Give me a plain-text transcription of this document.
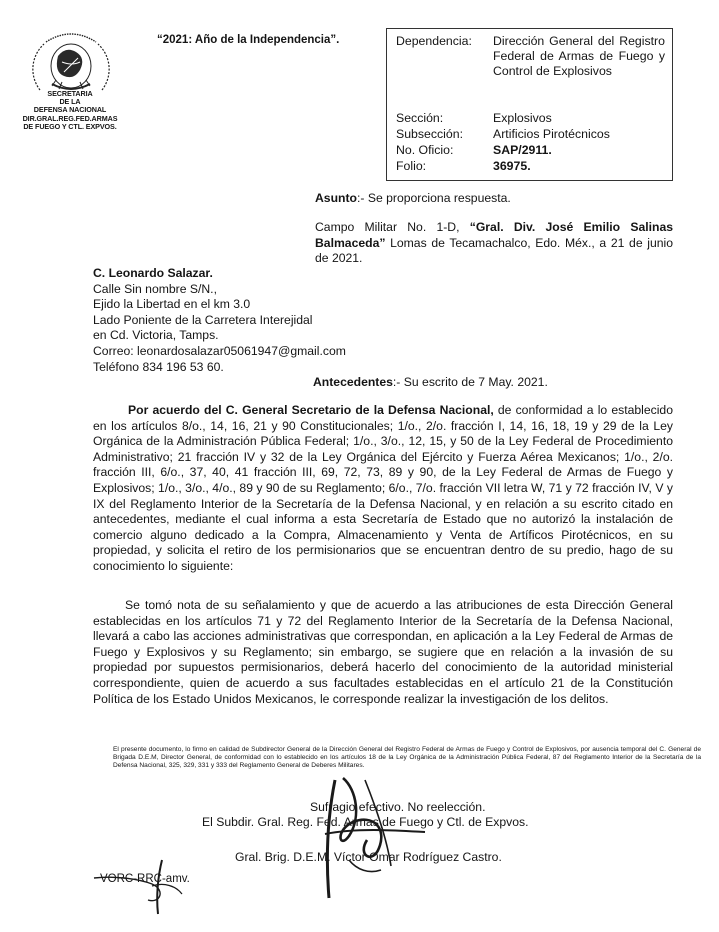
SECRETARIA
DE LA
DEFENSA NACIONAL
DIR.GRAL.REG.FED.ARMAS
DE FUEGO Y CTL. EXPVOS.
“2021: Año de la Independencia”.	Dependencia:	Dirección General del Registro Federal de Armas de Fuego y Control de Explosivos
Sección:	Explosivos
Subsección:	Artificios Pirotécnicos
No. Oficio:	SAP/2911.
Folio:	36975.
Asunto:- Se proporciona respuesta.
Campo Militar No. 1-D, “Gral. Div. José Emilio Salinas Balmaceda” Lomas de Tecamachalco, Edo. Méx., a 21 de junio de 2021.
C. Leonardo Salazar.
Calle Sin nombre S/N.,
Ejido la Libertad en el km 3.0
Lado Poniente de la Carretera Interejidal
en Cd. Victoria, Tamps.
Correo: leonardosalazar05061947@gmail.com
Teléfono 834 196 53 60.
Antecedentes:- Su escrito de 7 May. 2021.
Por acuerdo del C. General Secretario de la Defensa Nacional, de conformidad a lo establecido en los artículos 8/o., 14, 16, 21 y 90 Constitucionales; 1/o., 2/o. fracción I, 14, 16, 18, 19 y 29 de la Ley Orgánica de la Administración Pública Federal; 1/o., 3/o., 12, 15, y 50 de la Ley Federal de Procedimiento Administrativo; 21 fracción IV y 32 de la Ley Orgánica del Ejército y Fuerza Aérea Mexicanos; 1/o., 2/o. fracción III, 6/o., 37, 40, 41 fracción III, 69, 72, 73, 89 y 90, de la Ley Federal de Armas de Fuego y Explosivos; 1/o., 3/o., 4/o., 89 y 90 de su Reglamento; 6/o., 7/o. fracción VII letra W, 71 y 72 fracción IV, V y IX del Reglamento Interior de la Secretaría de la Defensa Nacional, y en relación a su escrito citado en antecedentes, mediante el cual informa a esta Secretaría de Estado que no autorizó la instalación de comercio alguno dedicado a la Compra, Almacenamiento y Venta de Artíficos Pirotécnicos, en su propiedad, y solicita el retiro de los permisionarios que se encuentran dentro de su predio, hago de su conocimiento lo siguiente:
Se tomó nota de su señalamiento y que de acuerdo a las atribuciones de esta Dirección General establecidas en los artículos 71 y 72 del Reglamento Interior de la Secretaría de la Defensa Nacional, llevará a cabo las acciones administrativas que correspondan, en aplicación a la Ley Federal de Armas de Fuego y Explosivos y su Reglamento; sin embargo, se sugiere que en relación a la invasión de su propiedad por supuestos permisionarios, deberá hacerlo del conocimiento de la autoridad ministerial correspondiente, quien de acuerdo a sus facultades establecidas en el artículo 21 de la Constitución Política de los Estado Unidos Mexicanos, le corresponde realizar la investigación de los delitos.
El presente documento, lo firmo en calidad de Subdirector General de la Dirección General del Registro Federal de Armas de Fuego y Control de Explosivos, por ausencia temporal del C. General de Brigada D.E.M, Director General, de conformidad con lo establecido en los artículos 18 de la Ley Orgánica de la Administración Pública Federal, 87 del Reglamento Interior de la Secretaría de la Defensa Nacional, 325, 329, 331 y 333 del Reglamento General de Deberes Militares.
Sufragio efectivo. No reelección.
El Subdir. Gral. Reg. Fed. Armas de Fuego y Ctl. de Expvos.
Gral. Brig. D.E.M. Víctor Omar Rodríguez Castro.
VORC-RRC-amv.
